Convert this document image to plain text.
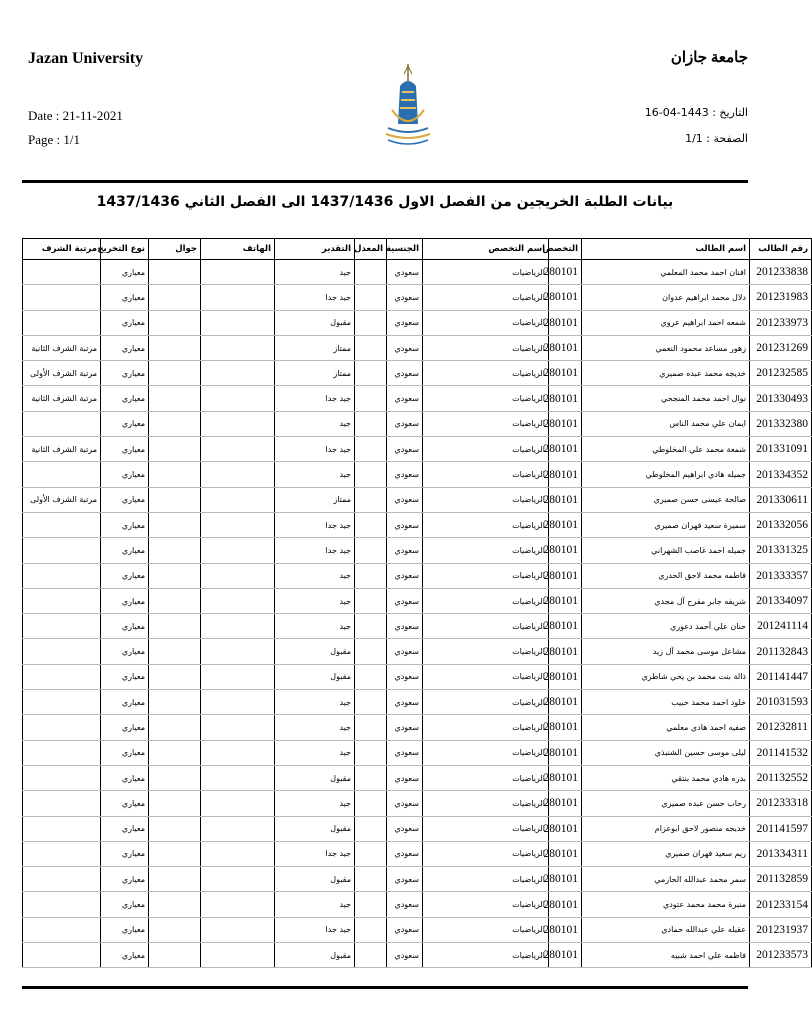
Jazan University	جامعة جازان
Date : 21-11-2021
Page : 1/1
التاريخ : 1443-04-16
الصفحة : 1/1
بيانات الطلبة الخريجين من الفصل الاول 1437/1436 الى الفصل الثاني 1437/1436
رقم الطالب	اسم الطالب	التخصص	اسم التخصص	الجنسية	المعدل	التقدير	الهاتف	جوال	نوع التخريج	مرتبة الشرف
201233838	افنان احمد محمد المعلمي	280101	الرياضيات	سعودي		جيد			معياري	
201231983	دلال محمد ابراهيم عدوان	280101	الرياضيات	سعودي		جيد جدا			معياري	
201233973	شمعه احمد ابراهيم عروي	280101	الرياضيات	سعودي		مقبول			معياري	
201231269	زهور مساعد محمود النعمي	280101	الرياضيات	سعودي		ممتاز			معياري	مرتبة الشرف الثانية
201232585	خديجه محمد عبده صميري	280101	الرياضيات	سعودي		ممتاز			معياري	مرتبة الشرف الأولى
201330493	نوال احمد محمد المنجحي	280101	الرياضيات	سعودي		جيد جدا			معياري	مرتبة الشرف الثانية
201332380	ايمان علي محمد الناس	280101	الرياضيات	سعودي		جيد			معياري	
201331091	شمعة محمد علي المخلوطي	280101	الرياضيات	سعودي		جيد جدا			معياري	مرتبة الشرف الثانية
201334352	جميله هادي ابراهيم المخلوطي	280101	الرياضيات	سعودي		جيد			معياري	
201330611	صالحة عيسى حسن صميري	280101	الرياضيات	سعودي		ممتاز			معياري	مرتبة الشرف الأولى
201332056	سميرة سعيد فهران صميري	280101	الرياضيات	سعودي		جيد جدا			معياري	
201331325	جميله احمد غاصب الشهراني	280101	الرياضيات	سعودي		جيد جدا			معياري	
201333357	فاطمه محمد لاحق الحدري	280101	الرياضيات	سعودي		جيد			معياري	
201334097	شريفه جابر مفرح آل مجدي	280101	الرياضيات	سعودي		جيد			معياري	
201241114	حنان علي أحمد دعوري	280101	الرياضيات	سعودي		جيد			معياري	
201132843	مشاعل موسى محمد آل زيد	280101	الرياضيات	سعودي		مقبول			معياري	
201141447	ذالة بنت محمد بن يحي شاطري	280101	الرياضيات	سعودي		مقبول			معياري	
201031593	خلود احمد محمد حبيب	280101	الرياضيات	سعودي		جيد			معياري	
201232811	صفيه احمد هادي معلمي	280101	الرياضيات	سعودي		جيد			معياري	
201141532	ليلى موسى حسين الشنيذي	280101	الرياضيات	سعودي		جيد			معياري	
201132552	بدره هادي محمد بنتقي	280101	الرياضيات	سعودي		مقبول			معياري	
201233318	رحاب حسن عبده صميري	280101	الرياضيات	سعودي		جيد			معياري	
201141597	خديجه منصور لاحق ابوعزام	280101	الرياضيات	سعودي		مقبول			معياري	
201334311	ريم سعيد فهران صميري	280101	الرياضيات	سعودي		جيد جدا			معياري	
201132859	سمر محمد عبدالله الحازمي	280101	الرياضيات	سعودي		مقبول			معياري	
201233154	منيرة محمد محمد عتودي	280101	الرياضيات	سعودي		جيد			معياري	
201231937	عقيله علي عبدالله حمادي	280101	الرياضيات	سعودي		جيد جدا			معياري	
201233573	فاطمه علي احمد شبيه	280101	الرياضيات	سعودي		مقبول			معياري	
